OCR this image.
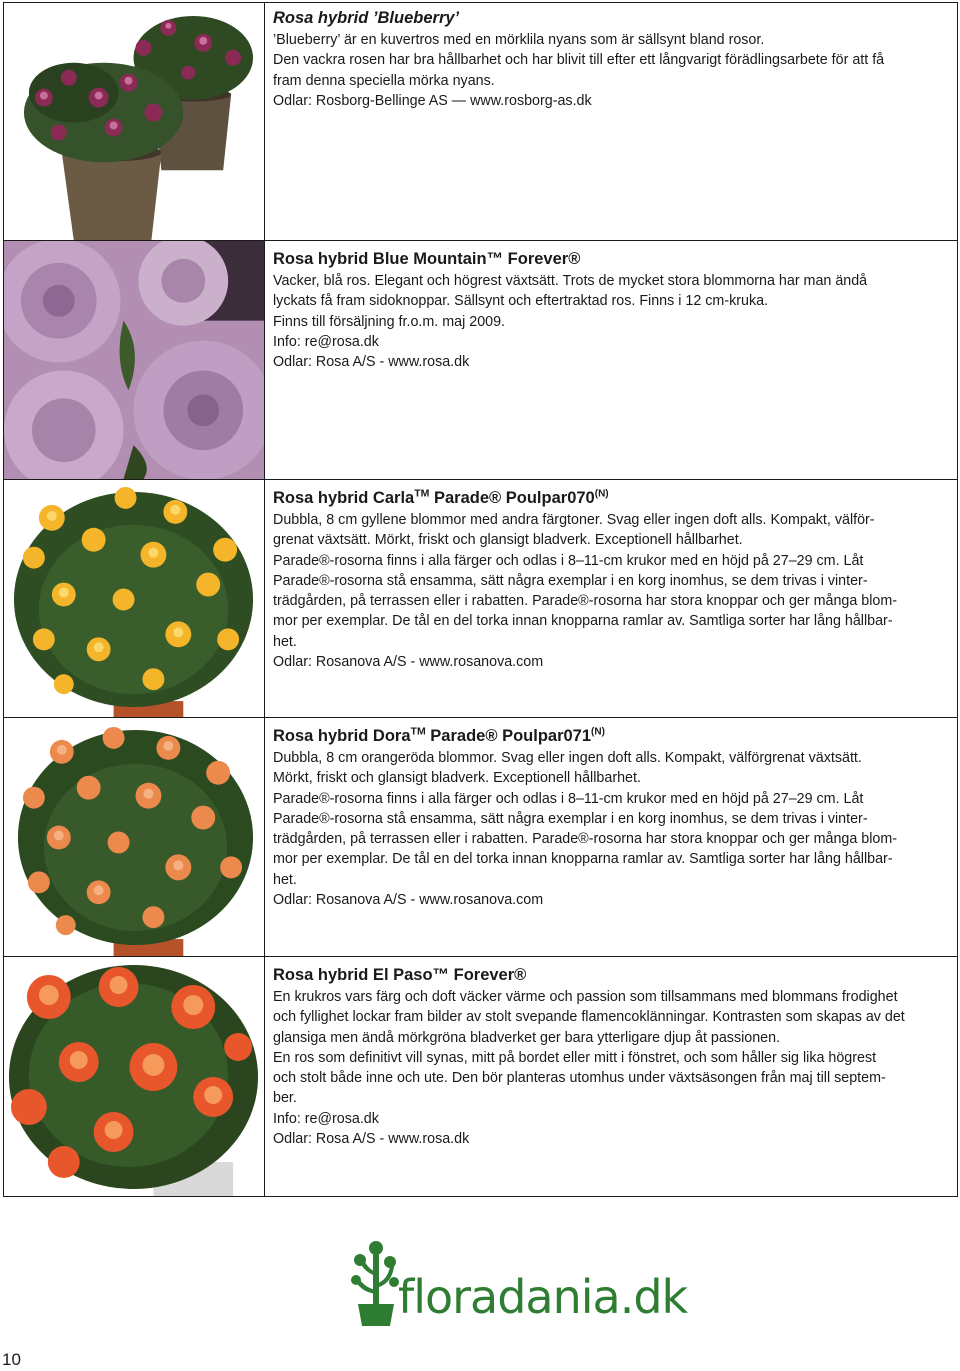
Rosa hybrid ’Blueberry’
’Blueberry’ är en kuvertros med en mörklila nyans som är sällsynt bland rosor.
Den vackra rosen har bra hållbarhet och har blivit till efter ett långvarigt förädlingsarbete för att få
fram denna speciella mörka nyans.
Odlar: Rosborg-Bellinge AS — www.rosborg-as.dk
Rosa hybrid Blue Mountain™ Forever®
Vacker, blå ros. Elegant och högrest växtsätt. Trots de mycket stora blommorna har man ändå
lyckats få fram sidoknoppar. Sällsynt och eftertraktad ros. Finns i 12 cm-kruka.
Finns till försäljning fr.o.m. maj 2009.
Info: re@rosa.dk
Odlar: Rosa A/S - www.rosa.dk
Rosa hybrid Carla™ Parade® $Poulpar070^{(N)}$
Dubbla, 8 cm gyllene blommor med andra färgtoner. Svag eller ingen doft alls. Kompakt, välför-
grenat växtsätt. Mörkt, friskt och glansigt bladverk. Exceptionell hållbarhet.
Parade®-rosorna finns i alla färger och odlas i 8–11-cm krukor med en höjd på 27–29 cm. Låt
Parade®-rosorna stå ensamma, sätt några exemplar i en korg inomhus, se dem trivas i vinter-
trädgården, på terrassen eller i rabatten. Parade®-rosorna har stora knoppar och ger många blom-
mor per exemplar. De tål en del torka innan knopparna ramlar av. Samtliga sorter har lång hållbar-
het.
Odlar: Rosanova A/S - www.rosanova.com
Rosa hybrid Dora™ Parade® $Poulpar071^{(N)}$
Dubbla, 8 cm orangeröda blommor. Svag eller ingen doft alls. Kompakt, välförgrenat växtsätt.
Mörkt, friskt och glansigt bladverk. Exceptionell hållbarhet.
Parade®-rosorna finns i alla färger och odlas i 8–11-cm krukor med en höjd på 27–29 cm. Låt
Parade®-rosorna stå ensamma, sätt några exemplar i en korg inomhus, se dem trivas i vinter-
trädgården, på terrassen eller i rabatten. Parade®-rosorna har stora knoppar och ger många blom-
mor per exemplar. De tål en del torka innan knopparna ramlar av. Samtliga sorter har lång hållbar-
het.
Odlar: Rosanova A/S - www.rosanova.com
Rosa hybrid El Paso™ Forever®
En krukros vars färg och doft väcker värme och passion som tillsammans med blommans frodighet
och fyllighet lockar fram bilder av stolt svepande flamencoklänningar. Kontrasten som skapas av det
glansiga men ändå mörkgröna bladverket ger bara ytterligare djup åt passionen.
En ros som definitivt vill synas, mitt på bordet eller mitt i fönstret, och som håller sig lika högrest
och stolt både inne och ute. Den bör planteras utomhus under växtsäsongen från maj till septem-
ber.
Info: re@rosa.dk
Odlar: Rosa A/S - www.rosa.dk
floradania.dk
10
